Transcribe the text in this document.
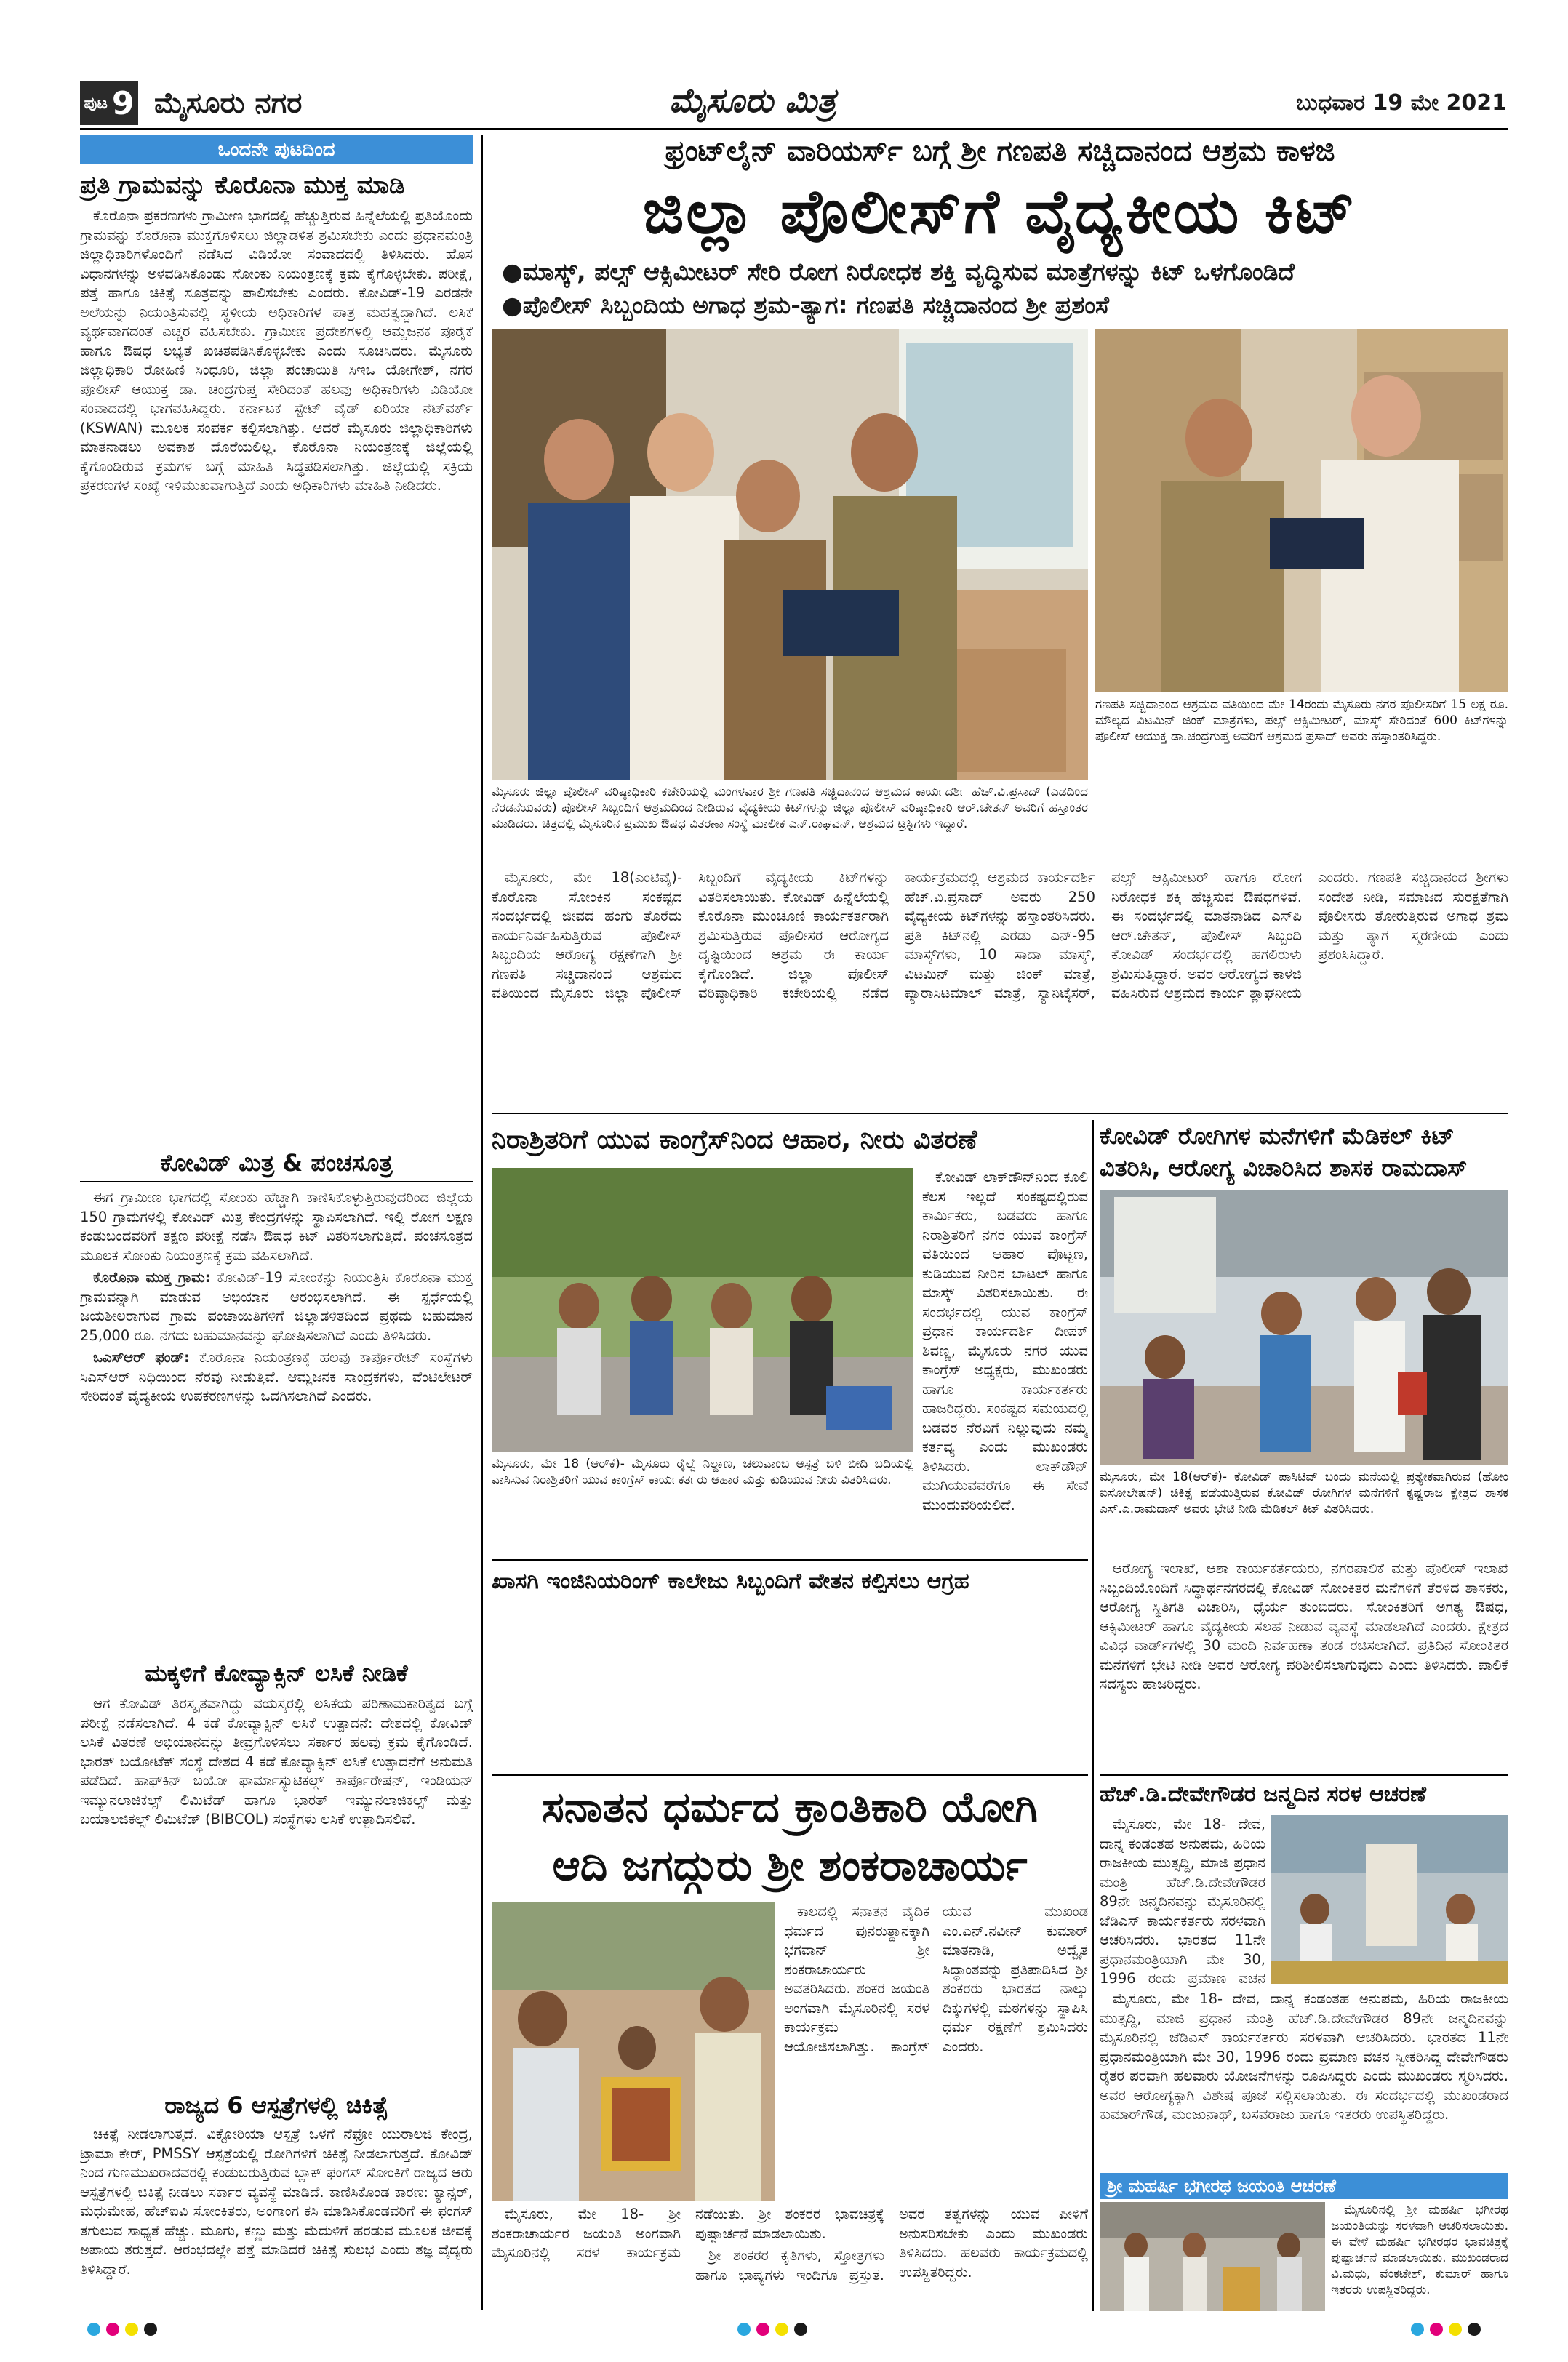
ಪುಟ 9 ಮೈಸೂರು ನಗರ	ಮೈಸೂರು ಮಿತ್ರ	ಬುಧವಾರ 19 ಮೇ 2021
ಒಂದನೇ ಪುಟದಿಂದ
ಪ್ರತಿ ಗ್ರಾಮವನ್ನು ಕೊರೊನಾ ಮುಕ್ತ ಮಾಡಿ

ಕೊರೊನಾ ಪ್ರಕರಣಗಳು ಗ್ರಾಮೀಣ ಭಾಗದಲ್ಲಿ ಹೆಚ್ಚುತ್ತಿರುವ ಹಿನ್ನೆಲೆಯಲ್ಲಿ ಪ್ರತಿಯೊಂದು ಗ್ರಾಮವನ್ನು ಕೊರೊನಾ ಮುಕ್ತಗೊಳಿಸಲು ಜಿಲ್ಲಾಡಳಿತ ಶ್ರಮಿಸಬೇಕು ಎಂದು ಪ್ರಧಾನಮಂತ್ರಿ ಜಿಲ್ಲಾಧಿಕಾರಿಗಳೊಂದಿಗೆ ನಡೆಸಿದ ವಿಡಿಯೋ ಸಂವಾದದಲ್ಲಿ ತಿಳಿಸಿದರು. ಹೊಸ ವಿಧಾನಗಳನ್ನು ಅಳವಡಿಸಿಕೊಂಡು ಸೋಂಕು ನಿಯಂತ್ರಣಕ್ಕೆ ಕ್ರಮ ಕೈಗೊಳ್ಳಬೇಕು. ಪರೀಕ್ಷೆ, ಪತ್ತೆ ಹಾಗೂ ಚಿಕಿತ್ಸೆ ಸೂತ್ರವನ್ನು ಪಾಲಿಸಬೇಕು ಎಂದರು. ಕೋವಿಡ್-19 ಎರಡನೇ ಅಲೆಯನ್ನು ನಿಯಂತ್ರಿಸುವಲ್ಲಿ ಸ್ಥಳೀಯ ಅಧಿಕಾರಿಗಳ ಪಾತ್ರ ಮಹತ್ವದ್ದಾಗಿದೆ. ಲಸಿಕೆ ವ್ಯರ್ಥವಾಗದಂತೆ ಎಚ್ಚರ ವಹಿಸಬೇಕು. ಗ್ರಾಮೀಣ ಪ್ರದೇಶಗಳಲ್ಲಿ ಆಮ್ಲಜನಕ ಪೂರೈಕೆ ಹಾಗೂ ಔಷಧ ಲಭ್ಯತೆ ಖಚಿತಪಡಿಸಿಕೊಳ್ಳಬೇಕು ಎಂದು ಸೂಚಿಸಿದರು. ಮೈಸೂರು ಜಿಲ್ಲಾಧಿಕಾರಿ ರೋಹಿಣಿ ಸಿಂಧೂರಿ, ಜಿಲ್ಲಾ ಪಂಚಾಯಿತಿ ಸಿಇಒ ಯೋಗೇಶ್, ನಗರ ಪೊಲೀಸ್ ಆಯುಕ್ತ ಡಾ. ಚಂದ್ರಗುಪ್ತ ಸೇರಿದಂತೆ ಹಲವು ಅಧಿಕಾರಿಗಳು ವಿಡಿಯೋ ಸಂವಾದದಲ್ಲಿ ಭಾಗವಹಿಸಿದ್ದರು. ಕರ್ನಾಟಕ ಸ್ಟೇಟ್ ವೈಡ್ ಏರಿಯಾ ನೆಟ್‌ವರ್ಕ್ (KSWAN) ಮೂಲಕ ಸಂಪರ್ಕ ಕಲ್ಪಿಸಲಾಗಿತ್ತು. ಆದರೆ ಮೈಸೂರು ಜಿಲ್ಲಾಧಿಕಾರಿಗಳು ಮಾತನಾಡಲು ಅವಕಾಶ ದೊರೆಯಲಿಲ್ಲ. ಕೊರೊನಾ ನಿಯಂತ್ರಣಕ್ಕೆ ಜಿಲ್ಲೆಯಲ್ಲಿ ಕೈಗೊಂಡಿರುವ ಕ್ರಮಗಳ ಬಗ್ಗೆ ಮಾಹಿತಿ ಸಿದ್ಧಪಡಿಸಲಾಗಿತ್ತು. ಜಿಲ್ಲೆಯಲ್ಲಿ ಸಕ್ರಿಯ ಪ್ರಕರಣಗಳ ಸಂಖ್ಯೆ ಇಳಿಮುಖವಾಗುತ್ತಿದೆ ಎಂದು ಅಧಿಕಾರಿಗಳು ಮಾಹಿತಿ ನೀಡಿದರು.

ಕೋವಿಡ್ ಮಿತ್ರ & ಪಂಚಸೂತ್ರ

ಈಗ ಗ್ರಾಮೀಣ ಭಾಗದಲ್ಲಿ ಸೋಂಕು ಹೆಚ್ಚಾಗಿ ಕಾಣಿಸಿಕೊಳ್ಳುತ್ತಿರುವುದರಿಂದ ಜಿಲ್ಲೆಯ 150 ಗ್ರಾಮಗಳಲ್ಲಿ ಕೋವಿಡ್ ಮಿತ್ರ ಕೇಂದ್ರಗಳನ್ನು ಸ್ಥಾಪಿಸಲಾಗಿದೆ. ಇಲ್ಲಿ ರೋಗ ಲಕ್ಷಣ ಕಂಡುಬಂದವರಿಗೆ ತಕ್ಷಣ ಪರೀಕ್ಷೆ ನಡೆಸಿ ಔಷಧ ಕಿಟ್ ವಿತರಿಸಲಾಗುತ್ತಿದೆ. ಪಂಚಸೂತ್ರದ ಮೂಲಕ ಸೋಂಕು ನಿಯಂತ್ರಣಕ್ಕೆ ಕ್ರಮ ವಹಿಸಲಾಗಿದೆ.

ಕೊರೊನಾ ಮುಕ್ತ ಗ್ರಾಮ: ಕೋವಿಡ್-19 ಸೋಂಕನ್ನು ನಿಯಂತ್ರಿಸಿ ಕೊರೊನಾ ಮುಕ್ತ ಗ್ರಾಮವನ್ನಾಗಿ ಮಾಡುವ ಅಭಿಯಾನ ಆರಂಭಿಸಲಾಗಿದೆ. ಈ ಸ್ಪರ್ಧೆಯಲ್ಲಿ ಜಯಶೀಲರಾಗುವ ಗ್ರಾಮ ಪಂಚಾಯಿತಿಗಳಿಗೆ ಜಿಲ್ಲಾಡಳಿತದಿಂದ ಪ್ರಥಮ ಬಹುಮಾನ 25,000 ರೂ. ನಗದು ಬಹುಮಾನವನ್ನು ಘೋಷಿಸಲಾಗಿದೆ ಎಂದು ತಿಳಿಸಿದರು.

ಒಎಸ್‌ಆರ್ ಫಂಡ್: ಕೊರೊನಾ ನಿಯಂತ್ರಣಕ್ಕೆ ಹಲವು ಕಾರ್ಪೊರೇಟ್ ಸಂಸ್ಥೆಗಳು ಸಿಎಸ್‌ಆರ್ ನಿಧಿಯಿಂದ ನೆರವು ನೀಡುತ್ತಿವೆ. ಆಮ್ಲಜನಕ ಸಾಂದ್ರಕಗಳು, ವೆಂಟಿಲೇಟರ್ ಸೇರಿದಂತೆ ವೈದ್ಯಕೀಯ ಉಪಕರಣಗಳನ್ನು ಒದಗಿಸಲಾಗಿದೆ ಎಂದರು.

ಮಕ್ಕಳಿಗೆ ಕೋವ್ಯಾಕ್ಸಿನ್ ಲಸಿಕೆ ನೀಡಿಕೆ

ಆಗ ಕೋವಿಡ್ ತಿರಸ್ಕೃತವಾಗಿದ್ದು ವಯಸ್ಕರಲ್ಲಿ ಲಸಿಕೆಯ ಪರಿಣಾಮಕಾರಿತ್ವದ ಬಗ್ಗೆ ಪರೀಕ್ಷೆ ನಡೆಸಲಾಗಿದೆ. 4 ಕಡೆ ಕೋವ್ಯಾಕ್ಸಿನ್ ಲಸಿಕೆ ಉತ್ಪಾದನೆ: ದೇಶದಲ್ಲಿ ಕೋವಿಡ್ ಲಸಿಕೆ ವಿತರಣೆ ಅಭಿಯಾನವನ್ನು ತೀವ್ರಗೊಳಿಸಲು ಸರ್ಕಾರ ಹಲವು ಕ್ರಮ ಕೈಗೊಂಡಿದೆ. ಭಾರತ್ ಬಯೋಟೆಕ್ ಸಂಸ್ಥೆ ದೇಶದ 4 ಕಡೆ ಕೋವ್ಯಾಕ್ಸಿನ್ ಲಸಿಕೆ ಉತ್ಪಾದನೆಗೆ ಅನುಮತಿ ಪಡೆದಿದೆ. ಹಾಫ್‌ಕಿನ್ ಬಯೋ ಫಾರ್ಮಾಸ್ಯುಟಿಕಲ್ಸ್ ಕಾರ್ಪೊರೇಷನ್, ಇಂಡಿಯನ್ ಇಮ್ಯುನಲಾಜಿಕಲ್ಸ್ ಲಿಮಿಟೆಡ್ ಹಾಗೂ ಭಾರತ್ ಇಮ್ಯುನಲಾಜಿಕಲ್ಸ್ ಮತ್ತು ಬಯಾಲಜಿಕಲ್ಸ್ ಲಿಮಿಟೆಡ್ (BIBCOL) ಸಂಸ್ಥೆಗಳು ಲಸಿಕೆ ಉತ್ಪಾದಿಸಲಿವೆ.

ರಾಜ್ಯದ 6 ಆಸ್ಪತ್ರೆಗಳಲ್ಲಿ ಚಿಕಿತ್ಸೆ

ಚಿಕಿತ್ಸೆ ನೀಡಲಾಗುತ್ತದೆ. ವಿಕ್ಟೋರಿಯಾ ಆಸ್ಪತ್ರೆ ಒಳಗೆ ನೆಫ್ರೋ ಯುರಾಲಜಿ ಕೇಂದ್ರ, ಟ್ರಾಮಾ ಕೇರ್, PMSSY ಆಸ್ಪತ್ರೆಯಲ್ಲಿ ರೋಗಿಗಳಿಗೆ ಚಿಕಿತ್ಸೆ ನೀಡಲಾಗುತ್ತದೆ. ಕೋವಿಡ್ ನಿಂದ ಗುಣಮುಖರಾದವರಲ್ಲಿ ಕಂಡುಬರುತ್ತಿರುವ ಬ್ಲಾಕ್ ಫಂಗಸ್ ಸೋಂಕಿಗೆ ರಾಜ್ಯದ ಆರು ಆಸ್ಪತ್ರೆಗಳಲ್ಲಿ ಚಿಕಿತ್ಸೆ ನೀಡಲು ಸರ್ಕಾರ ವ್ಯವಸ್ಥೆ ಮಾಡಿದೆ. ಕಾಣಿಸಿಕೊಂಡ ಕಾರಣ: ಕ್ಯಾನ್ಸರ್, ಮಧುಮೇಹ, ಹೆಚ್‌ಐವಿ ಸೋಂಕಿತರು, ಅಂಗಾಂಗ ಕಸಿ ಮಾಡಿಸಿಕೊಂಡವರಿಗೆ ಈ ಫಂಗಸ್ ತಗುಲುವ ಸಾಧ್ಯತೆ ಹೆಚ್ಚು. ಮೂಗು, ಕಣ್ಣು ಮತ್ತು ಮೆದುಳಿಗೆ ಹರಡುವ ಮೂಲಕ ಜೀವಕ್ಕೆ ಅಪಾಯ ತರುತ್ತದೆ. ಆರಂಭದಲ್ಲೇ ಪತ್ತೆ ಮಾಡಿದರೆ ಚಿಕಿತ್ಸೆ ಸುಲಭ ಎಂದು ತಜ್ಞ ವೈದ್ಯರು ತಿಳಿಸಿದ್ದಾರೆ.

ಫ್ರಂಟ್‌ಲೈನ್ ವಾರಿಯರ್ಸ್ ಬಗ್ಗೆ ಶ್ರೀ ಗಣಪತಿ ಸಚ್ಚಿದಾನಂದ ಆಶ್ರಮ ಕಾಳಜಿ
ಜಿಲ್ಲಾ ಪೊಲೀಸ್‌ಗೆ ವೈದ್ಯಕೀಯ ಕಿಟ್
●ಮಾಸ್ಕ್, ಪಲ್ಸ್ ಆಕ್ಸಿಮೀಟರ್ ಸೇರಿ ರೋಗ ನಿರೋಧಕ ಶಕ್ತಿ ವೃದ್ಧಿಸುವ ಮಾತ್ರೆಗಳನ್ನು ಕಿಟ್ ಒಳಗೊಂಡಿದೆ
●ಪೊಲೀಸ್ ಸಿಬ್ಬಂದಿಯ ಅಗಾಧ ಶ್ರಮ-ತ್ಯಾಗ: ಗಣಪತಿ ಸಚ್ಚಿದಾನಂದ ಶ್ರೀ ಪ್ರಶಂಸೆ
ಮೈಸೂರು ಜಿಲ್ಲಾ ಪೊಲೀಸ್ ವರಿಷ್ಠಾಧಿಕಾರಿ ಕಚೇರಿಯಲ್ಲಿ ಮಂಗಳವಾರ ಶ್ರೀ ಗಣಪತಿ ಸಚ್ಚಿದಾನಂದ ಆಶ್ರಮದ ಕಾರ್ಯದರ್ಶಿ ಹೆಚ್.ವಿ.ಪ್ರಸಾದ್ (ಎಡದಿಂದ ನೆರಡನೆಯವರು) ಪೊಲೀಸ್ ಸಿಬ್ಬಂದಿಗೆ ಆಶ್ರಮದಿಂದ ನೀಡಿರುವ ವೈದ್ಯಕೀಯ ಕಿಟ್‌ಗಳನ್ನು ಜಿಲ್ಲಾ ಪೊಲೀಸ್ ವರಿಷ್ಠಾಧಿಕಾರಿ ಆರ್.ಚೇತನ್ ಅವರಿಗೆ ಹಸ್ತಾಂತರ ಮಾಡಿದರು. ಚಿತ್ರದಲ್ಲಿ ಮೈಸೂರಿನ ಪ್ರಮುಖ ಔಷಧ ವಿತರಣಾ ಸಂಸ್ಥೆ ಮಾಲೀಕ ಎನ್.ರಾಘವನ್, ಆಶ್ರಮದ ಟ್ರಸ್ಟಿಗಳು ಇದ್ದಾರೆ.
ಗಣಪತಿ ಸಚ್ಚಿದಾನಂದ ಆಶ್ರಮದ ವತಿಯಿಂದ ಮೇ 14ರಂದು ಮೈಸೂರು ನಗರ ಪೊಲೀಸರಿಗೆ 15 ಲಕ್ಷ ರೂ. ಮೌಲ್ಯದ ವಿಟಮಿನ್ ಜಿಂಕ್ ಮಾತ್ರೆಗಳು, ಪಲ್ಸ್ ಆಕ್ಸಿಮೀಟರ್, ಮಾಸ್ಕ್ ಸೇರಿದಂತೆ 600 ಕಿಟ್‌ಗಳನ್ನು ಪೊಲೀಸ್ ಆಯುಕ್ತ ಡಾ.ಚಂದ್ರಗುಪ್ತ ಅವರಿಗೆ ಆಶ್ರಮದ ಪ್ರಸಾದ್ ಅವರು ಹಸ್ತಾಂತರಿಸಿದ್ದರು.

ಮೈಸೂರು, ಮೇ 18(ಎಂಟಿವೈ)- ಕೊರೊನಾ ಸೋಂಕಿನ ಸಂಕಷ್ಟದ ಸಂದರ್ಭದಲ್ಲಿ ಜೀವದ ಹಂಗು ತೊರೆದು ಕಾರ್ಯನಿರ್ವಹಿಸುತ್ತಿರುವ ಪೊಲೀಸ್ ಸಿಬ್ಬಂದಿಯ ಆರೋಗ್ಯ ರಕ್ಷಣೆಗಾಗಿ ಶ್ರೀ ಗಣಪತಿ ಸಚ್ಚಿದಾನಂದ ಆಶ್ರಮದ ವತಿಯಿಂದ ಮೈಸೂರು ಜಿಲ್ಲಾ ಪೊಲೀಸ್ ಸಿಬ್ಬಂದಿಗೆ ವೈದ್ಯಕೀಯ ಕಿಟ್‌ಗಳನ್ನು ವಿತರಿಸಲಾಯಿತು. ಕೋವಿಡ್ ಹಿನ್ನೆಲೆಯಲ್ಲಿ ಕೊರೊನಾ ಮುಂಚೂಣಿ ಕಾರ್ಯಕರ್ತರಾಗಿ ಶ್ರಮಿಸುತ್ತಿರುವ ಪೊಲೀಸರ ಆರೋಗ್ಯದ ದೃಷ್ಟಿಯಿಂದ ಆಶ್ರಮ ಈ ಕಾರ್ಯ ಕೈಗೊಂಡಿದೆ. ಜಿಲ್ಲಾ ಪೊಲೀಸ್ ವರಿಷ್ಠಾಧಿಕಾರಿ ಕಚೇರಿಯಲ್ಲಿ ನಡೆದ ಕಾರ್ಯಕ್ರಮದಲ್ಲಿ ಆಶ್ರಮದ ಕಾರ್ಯದರ್ಶಿ ಹೆಚ್.ವಿ.ಪ್ರಸಾದ್ ಅವರು 250 ವೈದ್ಯಕೀಯ ಕಿಟ್‌ಗಳನ್ನು ಹಸ್ತಾಂತರಿಸಿದರು. ಪ್ರತಿ ಕಿಟ್‌ನಲ್ಲಿ ಎರಡು ಎನ್-95 ಮಾಸ್ಕ್‌ಗಳು, 10 ಸಾದಾ ಮಾಸ್ಕ್, ವಿಟಮಿನ್ ಮತ್ತು ಜಿಂಕ್ ಮಾತ್ರೆ, ಪ್ಯಾರಾಸಿಟಮಾಲ್ ಮಾತ್ರೆ, ಸ್ಯಾನಿಟೈಸರ್, ಪಲ್ಸ್ ಆಕ್ಸಿಮೀಟರ್ ಹಾಗೂ ರೋಗ ನಿರೋಧಕ ಶಕ್ತಿ ಹೆಚ್ಚಿಸುವ ಔಷಧಗಳಿವೆ. ಈ ಸಂದರ್ಭದಲ್ಲಿ ಮಾತನಾಡಿದ ಎಸ್‌ಪಿ ಆರ್.ಚೇತನ್, ಪೊಲೀಸ್ ಸಿಬ್ಬಂದಿ ಕೋವಿಡ್ ಸಂದರ್ಭದಲ್ಲಿ ಹಗಲಿರುಳು ಶ್ರಮಿಸುತ್ತಿದ್ದಾರೆ. ಅವರ ಆರೋಗ್ಯದ ಕಾಳಜಿ ವಹಿಸಿರುವ ಆಶ್ರಮದ ಕಾರ್ಯ ಶ್ಲಾಘನೀಯ ಎಂದರು. ಗಣಪತಿ ಸಚ್ಚಿದಾನಂದ ಶ್ರೀಗಳು ಸಂದೇಶ ನೀಡಿ, ಸಮಾಜದ ಸುರಕ್ಷತೆಗಾಗಿ ಪೊಲೀಸರು ತೋರುತ್ತಿರುವ ಅಗಾಧ ಶ್ರಮ ಮತ್ತು ತ್ಯಾಗ ಸ್ಮರಣೀಯ ಎಂದು ಪ್ರಶಂಸಿಸಿದ್ದಾರೆ.

ನಿರಾಶ್ರಿತರಿಗೆ ಯುವ ಕಾಂಗ್ರೆಸ್‌ನಿಂದ ಆಹಾರ, ನೀರು ವಿತರಣೆ
ಮೈಸೂರು, ಮೇ 18 (ಆರ್‌ಕೆ)- ಮೈಸೂರು ರೈಲ್ವೆ ನಿಲ್ದಾಣ, ಚಲುವಾಂಬ ಆಸ್ಪತ್ರೆ ಬಳಿ ಬೀದಿ ಬದಿಯಲ್ಲಿ ವಾಸಿಸುವ ನಿರಾಶ್ರಿತರಿಗೆ ಯುವ ಕಾಂಗ್ರೆಸ್ ಕಾರ್ಯಕರ್ತರು ಆಹಾರ ಮತ್ತು ಕುಡಿಯುವ ನೀರು ವಿತರಿಸಿದರು.

ಕೋವಿಡ್ ಲಾಕ್‌ಡೌನ್‌ನಿಂದ ಕೂಲಿ ಕೆಲಸ ಇಲ್ಲದೆ ಸಂಕಷ್ಟದಲ್ಲಿರುವ ಕಾರ್ಮಿಕರು, ಬಡವರು ಹಾಗೂ ನಿರಾಶ್ರಿತರಿಗೆ ನಗರ ಯುವ ಕಾಂಗ್ರೆಸ್ ವತಿಯಿಂದ ಆಹಾರ ಪೊಟ್ಟಣ, ಕುಡಿಯುವ ನೀರಿನ ಬಾಟಲ್ ಹಾಗೂ ಮಾಸ್ಕ್ ವಿತರಿಸಲಾಯಿತು. ಈ ಸಂದರ್ಭದಲ್ಲಿ ಯುವ ಕಾಂಗ್ರೆಸ್ ಪ್ರಧಾನ ಕಾರ್ಯದರ್ಶಿ ದೀಪಕ್ ಶಿವಣ್ಣ, ಮೈಸೂರು ನಗರ ಯುವ ಕಾಂಗ್ರೆಸ್ ಅಧ್ಯಕ್ಷರು, ಮುಖಂಡರು ಹಾಗೂ ಕಾರ್ಯಕರ್ತರು ಹಾಜರಿದ್ದರು. ಸಂಕಷ್ಟದ ಸಮಯದಲ್ಲಿ ಬಡವರ ನೆರವಿಗೆ ನಿಲ್ಲುವುದು ನಮ್ಮ ಕರ್ತವ್ಯ ಎಂದು ಮುಖಂಡರು ತಿಳಿಸಿದರು. ಲಾಕ್‌ಡೌನ್ ಮುಗಿಯುವವರೆಗೂ ಈ ಸೇವೆ ಮುಂದುವರಿಯಲಿದೆ.

ಕೋವಿಡ್ ರೋಗಿಗಳ ಮನೆಗಳಿಗೆ ಮೆಡಿಕಲ್ ಕಿಟ್ ವಿತರಿಸಿ, ಆರೋಗ್ಯ ವಿಚಾರಿಸಿದ ಶಾಸಕ ರಾಮದಾಸ್
ಮೈಸೂರು, ಮೇ 18(ಆರ್‌ಕೆ)- ಕೋವಿಡ್ ಪಾಸಿಟಿವ್ ಬಂದು ಮನೆಯಲ್ಲಿ ಪ್ರತ್ಯೇಕವಾಗಿರುವ (ಹೋಂ ಐಸೋಲೇಷನ್) ಚಿಕಿತ್ಸೆ ಪಡೆಯುತ್ತಿರುವ ಕೋವಿಡ್ ರೋಗಿಗಳ ಮನೆಗಳಿಗೆ ಕೃಷ್ಣರಾಜ ಕ್ಷೇತ್ರದ ಶಾಸಕ ಎಸ್.ಎ.ರಾಮದಾಸ್ ಅವರು ಭೇಟಿ ನೀಡಿ ಮೆಡಿಕಲ್ ಕಿಟ್ ವಿತರಿಸಿದರು.

ಆರೋಗ್ಯ ಇಲಾಖೆ, ಆಶಾ ಕಾರ್ಯಕರ್ತೆಯರು, ನಗರಪಾಲಿಕೆ ಮತ್ತು ಪೊಲೀಸ್ ಇಲಾಖೆ ಸಿಬ್ಬಂದಿಯೊಂದಿಗೆ ಸಿದ್ಧಾರ್ಥನಗರದಲ್ಲಿ ಕೋವಿಡ್ ಸೋಂಕಿತರ ಮನೆಗಳಿಗೆ ತೆರಳಿದ ಶಾಸಕರು, ಆರೋಗ್ಯ ಸ್ಥಿತಿಗತಿ ವಿಚಾರಿಸಿ, ಧೈರ್ಯ ತುಂಬಿದರು. ಸೋಂಕಿತರಿಗೆ ಅಗತ್ಯ ಔಷಧ, ಆಕ್ಸಿಮೀಟರ್ ಹಾಗೂ ವೈದ್ಯಕೀಯ ಸಲಹೆ ನೀಡುವ ವ್ಯವಸ್ಥೆ ಮಾಡಲಾಗಿದೆ ಎಂದರು. ಕ್ಷೇತ್ರದ ವಿವಿಧ ವಾರ್ಡ್‌ಗಳಲ್ಲಿ 30 ಮಂದಿ ನಿರ್ವಹಣಾ ತಂಡ ರಚಿಸಲಾಗಿದೆ. ಪ್ರತಿದಿನ ಸೋಂಕಿತರ ಮನೆಗಳಿಗೆ ಭೇಟಿ ನೀಡಿ ಅವರ ಆರೋಗ್ಯ ಪರಿಶೀಲಿಸಲಾಗುವುದು ಎಂದು ತಿಳಿಸಿದರು. ಪಾಲಿಕೆ ಸದಸ್ಯರು ಹಾಜರಿದ್ದರು.

ಖಾಸಗಿ ಇಂಜಿನಿಯರಿಂಗ್ ಕಾಲೇಜು ಸಿಬ್ಬಂದಿಗೆ ವೇತನ ಕಲ್ಪಿಸಲು ಆಗ್ರಹ
ಹೆಚ್.ಡಿ.ದೇವೇಗೌಡರ ಜನ್ಮದಿನ ಸರಳ ಆಚರಣೆ

ಮೈಸೂರು, ಮೇ 18- ದೇವ, ದಾನ್ನ ಕಂಡಂತಹ ಅನುಪಮ, ಹಿರಿಯ ರಾಜಕೀಯ ಮುತ್ಸದ್ದಿ, ಮಾಜಿ ಪ್ರಧಾನ ಮಂತ್ರಿ ಹೆಚ್.ಡಿ.ದೇವೇಗೌಡರ 89ನೇ ಜನ್ಮದಿನವನ್ನು ಮೈಸೂರಿನಲ್ಲಿ ಜೆಡಿಎಸ್ ಕಾರ್ಯಕರ್ತರು ಸರಳವಾಗಿ ಆಚರಿಸಿದರು. ಭಾರತದ 11ನೇ ಪ್ರಧಾನಮಂತ್ರಿಯಾಗಿ ಮೇ 30, 1996 ರಂದು ಪ್ರಮಾಣ ವಚನ

ಮೈಸೂರು, ಮೇ 18- ದೇವ, ದಾನ್ನ ಕಂಡಂತಹ ಅನುಪಮ, ಹಿರಿಯ ರಾಜಕೀಯ ಮುತ್ಸದ್ದಿ, ಮಾಜಿ ಪ್ರಧಾನ ಮಂತ್ರಿ ಹೆಚ್.ಡಿ.ದೇವೇಗೌಡರ 89ನೇ ಜನ್ಮದಿನವನ್ನು ಮೈಸೂರಿನಲ್ಲಿ ಜೆಡಿಎಸ್ ಕಾರ್ಯಕರ್ತರು ಸರಳವಾಗಿ ಆಚರಿಸಿದರು. ಭಾರತದ 11ನೇ ಪ್ರಧಾನಮಂತ್ರಿಯಾಗಿ ಮೇ 30, 1996 ರಂದು ಪ್ರಮಾಣ ವಚನ ಸ್ವೀಕರಿಸಿದ್ದ ದೇವೇಗೌಡರು ರೈತರ ಪರವಾಗಿ ಹಲವಾರು ಯೋಜನೆಗಳನ್ನು ರೂಪಿಸಿದ್ದರು ಎಂದು ಮುಖಂಡರು ಸ್ಮರಿಸಿದರು. ಅವರ ಆರೋಗ್ಯಕ್ಕಾಗಿ ವಿಶೇಷ ಪೂಜೆ ಸಲ್ಲಿಸಲಾಯಿತು. ಈ ಸಂದರ್ಭದಲ್ಲಿ ಮುಖಂಡರಾದ ಕುಮಾರ್‌ಗೌಡ, ಮಂಜುನಾಥ್, ಬಸವರಾಜು ಹಾಗೂ ಇತರರು ಉಪಸ್ಥಿತರಿದ್ದರು.

ಸನಾತನ ಧರ್ಮದ ಕ್ರಾಂತಿಕಾರಿ ಯೋಗಿ
ಆದಿ ಜಗದ್ಗುರು ಶ್ರೀ ಶಂಕರಾಚಾರ್ಯ

ಕಾಲದಲ್ಲಿ ಸನಾತನ ವೈದಿಕ ಧರ್ಮದ ಪುನರುತ್ಥಾನಕ್ಕಾಗಿ ಭಗವಾನ್ ಶ್ರೀ ಶಂಕರಾಚಾರ್ಯರು ಅವತರಿಸಿದರು. ಶಂಕರ ಜಯಂತಿ ಅಂಗವಾಗಿ ಮೈಸೂರಿನಲ್ಲಿ ಸರಳ ಕಾರ್ಯಕ್ರಮ ಆಯೋಜಿಸಲಾಗಿತ್ತು. ಕಾಂಗ್ರೆಸ್ ಯುವ ಮುಖಂಡ ಎಂ.ಎನ್.ನವೀನ್ ಕುಮಾರ್ ಮಾತನಾಡಿ, ಅದ್ವೈತ ಸಿದ್ಧಾಂತವನ್ನು ಪ್ರತಿಪಾದಿಸಿದ ಶ್ರೀ ಶಂಕರರು ಭಾರತದ ನಾಲ್ಕು ದಿಕ್ಕುಗಳಲ್ಲಿ ಮಠಗಳನ್ನು ಸ್ಥಾಪಿಸಿ ಧರ್ಮ ರಕ್ಷಣೆಗೆ ಶ್ರಮಿಸಿದರು ಎಂದರು.

ಮೈಸೂರು, ಮೇ 18- ಶ್ರೀ ಶಂಕರಾಚಾರ್ಯರ ಜಯಂತಿ ಅಂಗವಾಗಿ ಮೈಸೂರಿನಲ್ಲಿ ಸರಳ ಕಾರ್ಯಕ್ರಮ ನಡೆಯಿತು. ಶ್ರೀ ಶಂಕರರ ಭಾವಚಿತ್ರಕ್ಕೆ ಪುಷ್ಪಾರ್ಚನೆ ಮಾಡಲಾಯಿತು.

ಶ್ರೀ ಶಂಕರರ ಕೃತಿಗಳು, ಸ್ತೋತ್ರಗಳು ಹಾಗೂ ಭಾಷ್ಯಗಳು ಇಂದಿಗೂ ಪ್ರಸ್ತುತ. ಅವರ ತತ್ವಗಳನ್ನು ಯುವ ಪೀಳಿಗೆ ಅನುಸರಿಸಬೇಕು ಎಂದು ಮುಖಂಡರು ತಿಳಿಸಿದರು. ಹಲವರು ಕಾರ್ಯಕ್ರಮದಲ್ಲಿ ಉಪಸ್ಥಿತರಿದ್ದರು.

ಶ್ರೀ ಮಹರ್ಷಿ ಭಗೀರಥ ಜಯಂತಿ ಆಚರಣೆ

ಮೈಸೂರಿನಲ್ಲಿ ಶ್ರೀ ಮಹರ್ಷಿ ಭಗೀರಥ ಜಯಂತಿಯನ್ನು ಸರಳವಾಗಿ ಆಚರಿಸಲಾಯಿತು. ಈ ವೇಳೆ ಮಹರ್ಷಿ ಭಗೀರಥರ ಭಾವಚಿತ್ರಕ್ಕೆ ಪುಷ್ಪಾರ್ಚನೆ ಮಾಡಲಾಯಿತು. ಮುಖಂಡರಾದ ವಿ.ಮಧು, ವೆಂಕಟೇಶ್, ಕುಮಾರ್ ಹಾಗೂ ಇತರರು ಉಪಸ್ಥಿತರಿದ್ದರು.
